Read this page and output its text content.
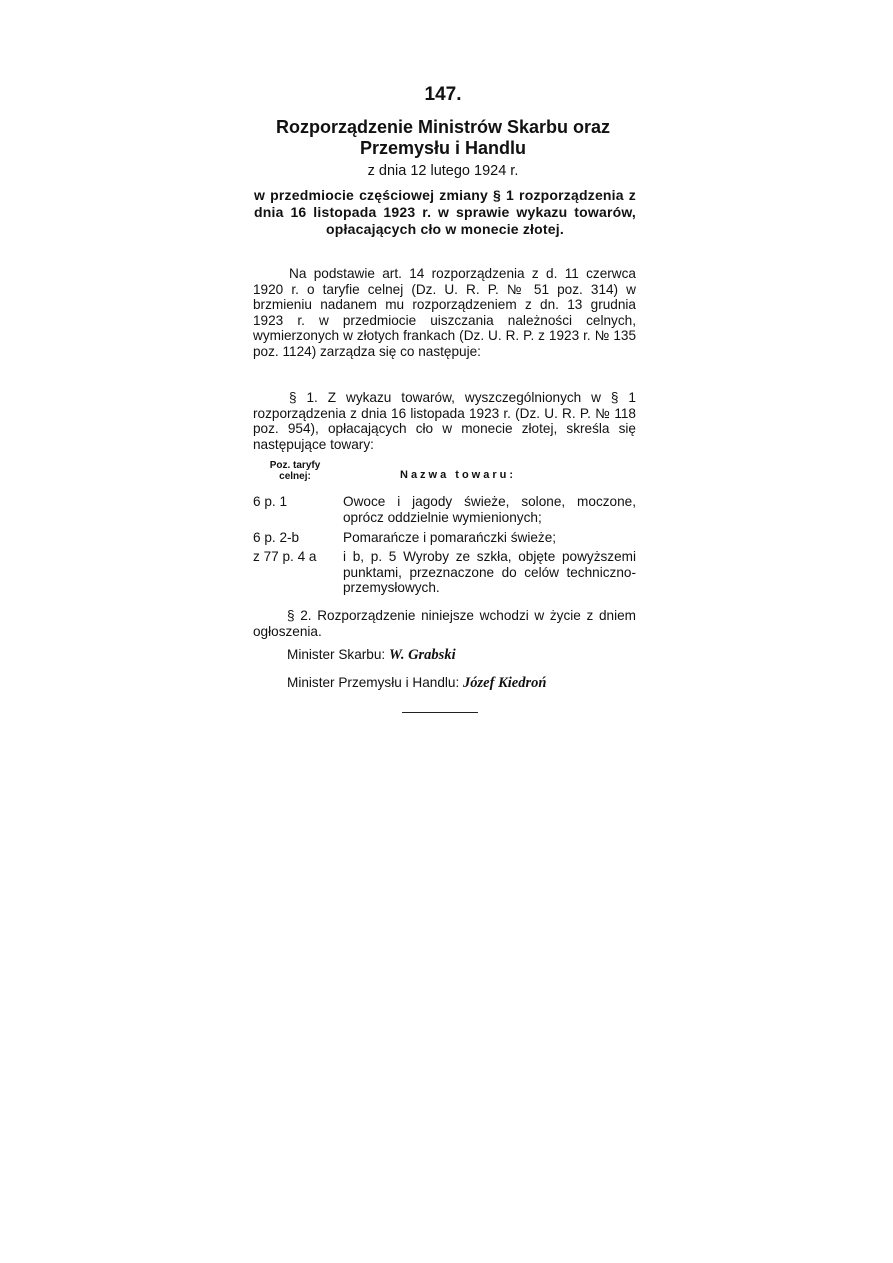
147.
Rozporządzenie Ministrów Skarbu oraz
Przemysłu i Handlu
z dnia 12 lutego 1924 r.
w przedmiocie częściowej zmiany § 1 rozporządzenia z dnia 16 listopada 1923 r. w sprawie wykazu towarów, opłacających cło w monecie złotej.

Na podstawie art. 14 rozporządzenia z d. 11 czerwca 1920 r. o taryfie celnej (Dz. U. R. P. № 51 poz. 314) w brzmieniu nadanem mu rozporządzeniem z dn. 13 grudnia 1923 r. w przedmiocie uiszczania należności celnych, wymierzonych w złotych frankach (Dz. U. R. P. z 1923 r. № 135 poz. 1124) zarządza się co następuje:

§ 1. Z wykazu towarów, wyszczególnionych w § 1 rozporządzenia z dnia 16 listopada 1923 r. (Dz. U. R. P. № 118 poz. 954), opłacających cło w monecie złotej, skreśla się następujące towary:

Poz. taryfy
celnej:	Nazwa towaru:
6 p. 1	Owoce i jagody świeże, solone, moczone, oprócz oddzielnie wymienionych;
6 p. 2-b	Pomarańcze i pomarańczki świeże;
z 77 p. 4 a	i b, p. 5 Wyroby ze szkła, objęte powyższemi punktami, przeznaczone do celów techniczno-przemysłowych.

§ 2. Rozporządzenie niniejsze wchodzi w życie z dniem ogłoszenia.

Minister Skarbu: W. Grabski
Minister Przemysłu i Handlu: Józef Kiedroń
